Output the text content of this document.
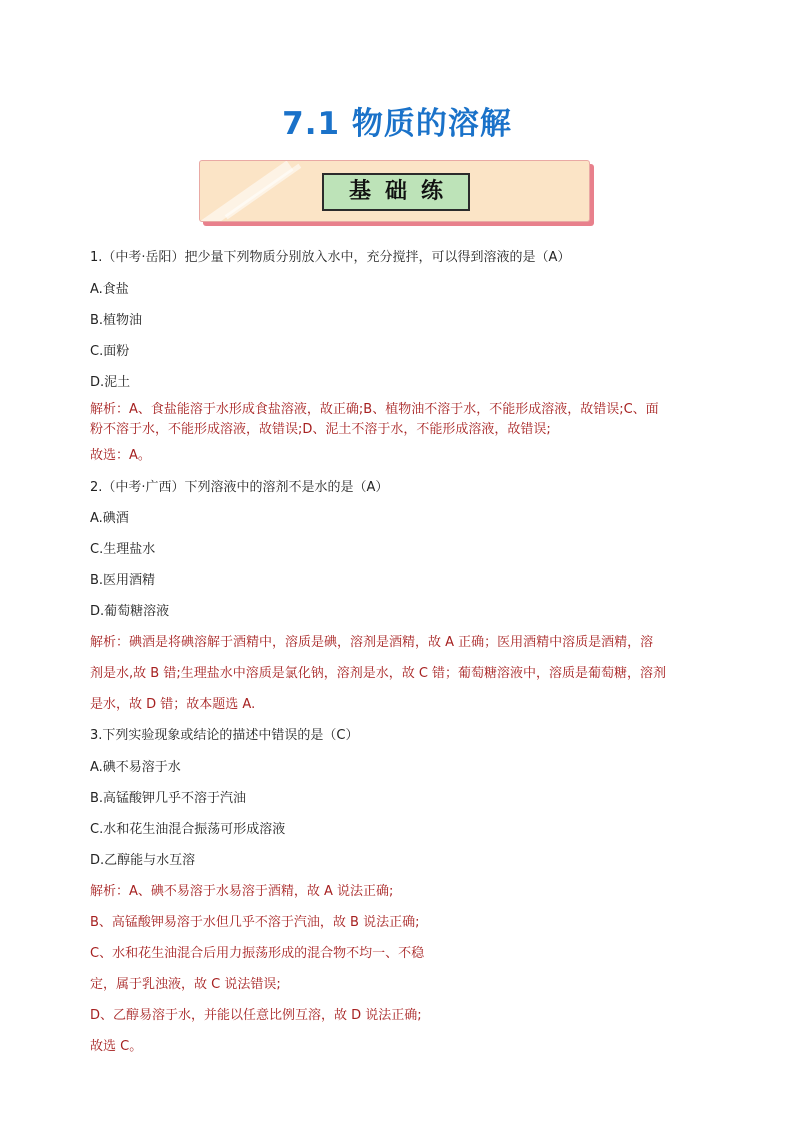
7.1 物质的溶解
基础练
1.（中考·岳阳）把少量下列物质分别放入水中，充分搅拌，可以得到溶液的是（A）
A.食盐
B.植物油
C.面粉
D.泥土
解析：A、食盐能溶于水形成食盐溶液，故正确;B、植物油不溶于水，不能形成溶液，故错误;C、面
粉不溶于水，不能形成溶液，故错误;D、泥土不溶于水，不能形成溶液，故错误;
故选：A。
2.（中考·广西）下列溶液中的溶剂不是水的是（A）
A.碘酒
C.生理盐水
B.医用酒精
D.葡萄糖溶液
解析：碘酒是将碘溶解于酒精中，溶质是碘，溶剂是酒精，故 A 正确；医用酒精中溶质是酒精，溶
剂是水,故 B 错;生理盐水中溶质是氯化钠，溶剂是水，故 C 错；葡萄糖溶液中，溶质是葡萄糖，溶剂
是水，故 D 错；故本题选 A.
3.下列实验现象或结论的描述中错误的是（C）
A.碘不易溶于水
B.高锰酸钾几乎不溶于汽油
C.水和花生油混合振荡可形成溶液
D.乙醇能与水互溶
解析：A、碘不易溶于水易溶于酒精，故 A 说法正确;
B、高锰酸钾易溶于水但几乎不溶于汽油，故 B 说法正确;
C、水和花生油混合后用力振荡形成的混合物不均一、不稳
定，属于乳浊液，故 C 说法错误;
D、乙醇易溶于水，并能以任意比例互溶，故 D 说法正确;
故选 C。
